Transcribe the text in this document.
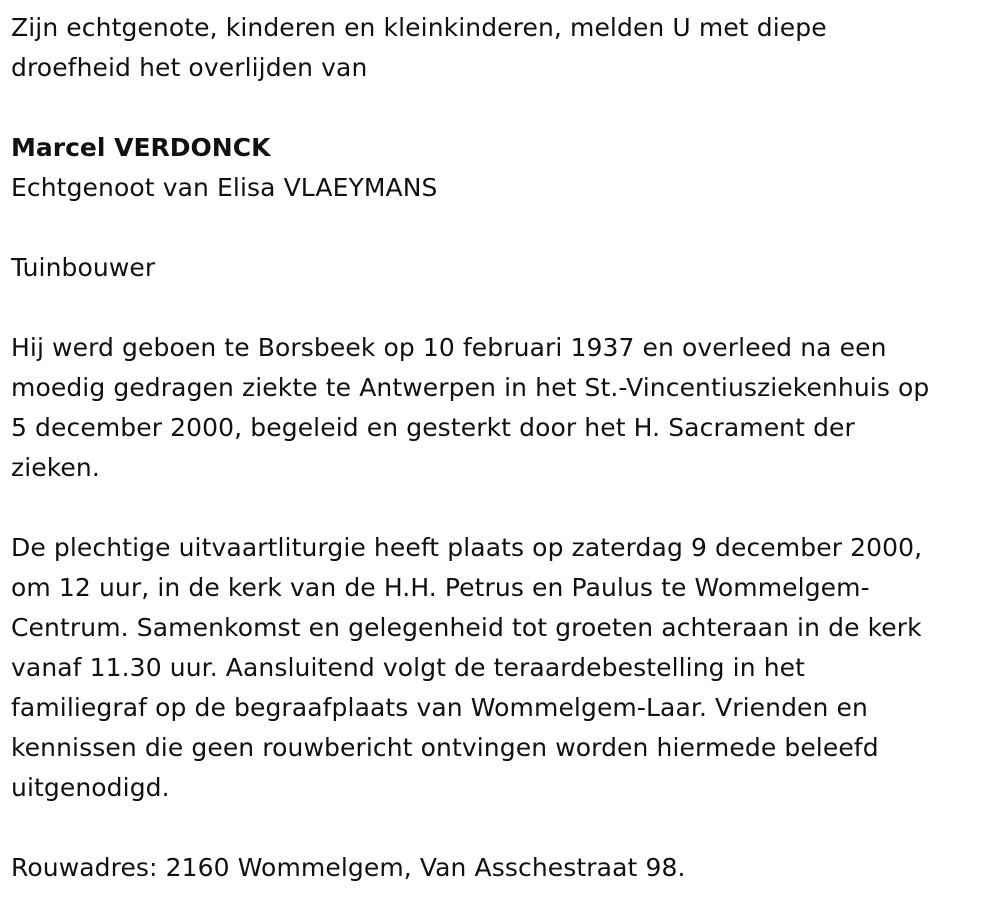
Zijn echtgenote, kinderen en kleinkinderen, melden U met diepe
droefheid het overlijden van

Marcel VERDONCK

Echtgenoot van Elisa VLAEYMANS

Tuinbouwer

Hij werd geboen te Borsbeek op 10 februari 1937 en overleed na een
moedig gedragen ziekte te Antwerpen in het St.-Vincentiusziekenhuis op
5 december 2000, begeleid en gesterkt door het H. Sacrament der
zieken.

De plechtige uitvaartliturgie heeft plaats op zaterdag 9 december 2000,
om 12 uur, in de kerk van de H.H. Petrus en Paulus te Wommelgem-
Centrum. Samenkomst en gelegenheid tot groeten achteraan in de kerk
vanaf 11.30 uur. Aansluitend volgt de teraardebestelling in het
familiegraf op de begraafplaats van Wommelgem-Laar. Vrienden en
kennissen die geen rouwbericht ontvingen worden hiermede beleefd
uitgenodigd.

Rouwadres: 2160 Wommelgem, Van Asschestraat 98.
